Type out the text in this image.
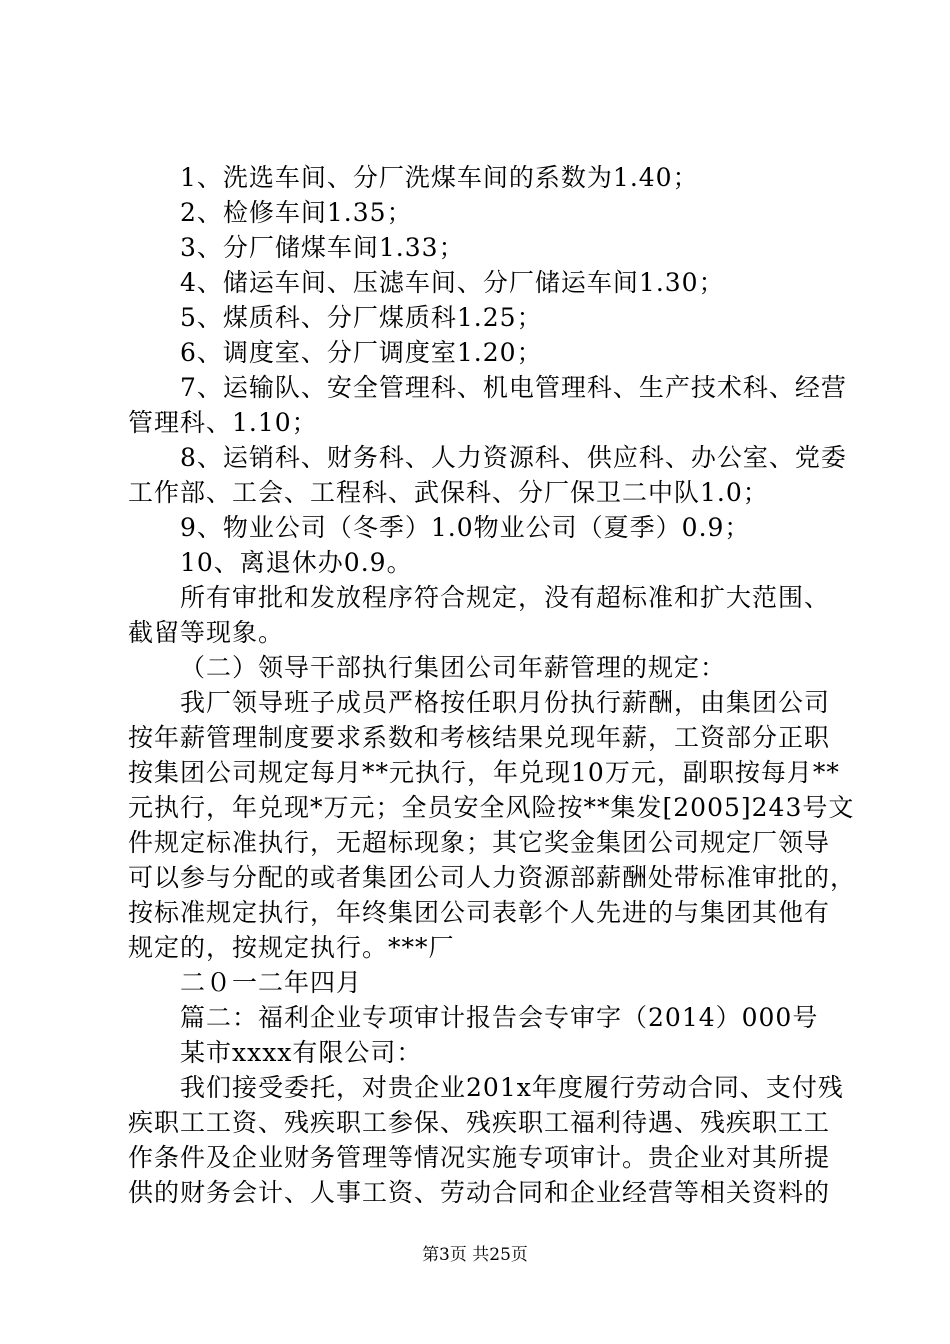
1、洗选车间、分厂洗煤车间的系数为1.40；
2、检修车间1.35；
3、分厂储煤车间1.33；
4、储运车间、压滤车间、分厂储运车间1.30；
5、煤质科、分厂煤质科1.25；
6、调度室、分厂调度室1.20；
7、运输队、安全管理科、机电管理科、生产技术科、经营
管理科、1.10；
8、运销科、财务科、人力资源科、供应科、办公室、党委
工作部、工会、工程科、武保科、分厂保卫二中队1.0；
9、物业公司（冬季）1.0物业公司（夏季）0.9；
10、离退休办0.9。
所有审批和发放程序符合规定，没有超标准和扩大范围、
截留等现象。
（二）领导干部执行集团公司年薪管理的规定：
我厂领导班子成员严格按任职月份执行薪酬，由集团公司
按年薪管理制度要求系数和考核结果兑现年薪，工资部分正职
按集团公司规定每月**元执行，年兑现10万元，副职按每月**
元执行，年兑现*万元；全员安全风险按**集发[2005]243号文
件规定标准执行，无超标现象；其它奖金集团公司规定厂领导
可以参与分配的或者集团公司人力资源部薪酬处带标准审批的，
按标准规定执行，年终集团公司表彰个人先进的与集团其他有
规定的，按规定执行。***厂
二０一二年四月
篇二：福利企业专项审计报告会专审字（2014）000号
某市xxxx有限公司：
我们接受委托，对贵企业201x年度履行劳动合同、支付残
疾职工工资、残疾职工参保、残疾职工福利待遇、残疾职工工
作条件及企业财务管理等情况实施专项审计。贵企业对其所提
供的财务会计、人事工资、劳动合同和企业经营等相关资料的
第3页 共25页
